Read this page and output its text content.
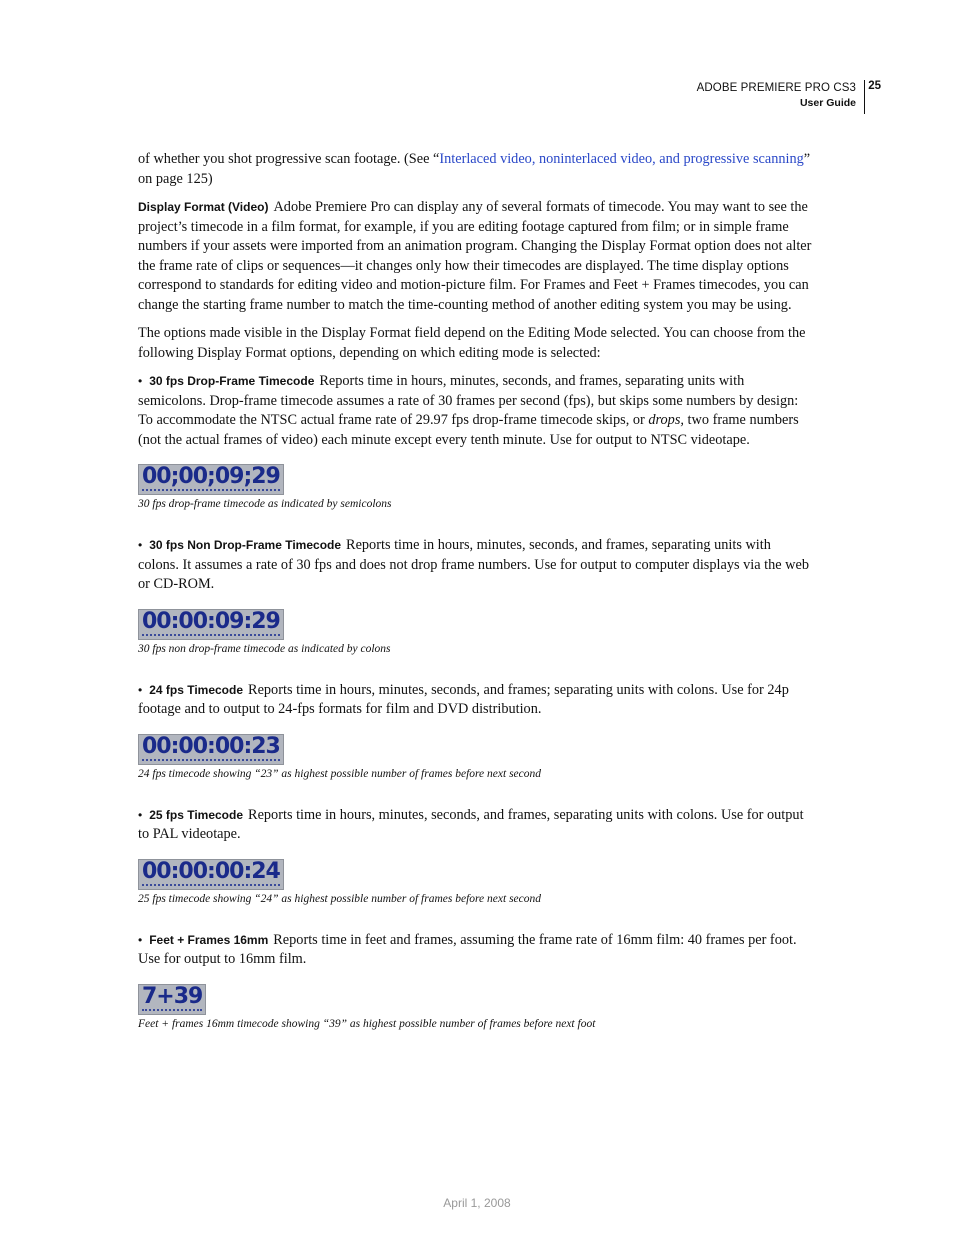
ADOBE PREMIERE PRO CS3
User Guide
25

of whether you shot progressive scan footage. (See “Interlaced video, noninterlaced video, and progressive scanning” on page 125)

Display Format (Video) Adobe Premiere Pro can display any of several formats of timecode. You may want to see the project’s timecode in a film format, for example, if you are editing footage captured from film; or in simple frame numbers if your assets were imported from an animation program. Changing the Display Format option does not alter the frame rate of clips or sequences—it changes only how their timecodes are displayed. The time display options correspond to standards for editing video and motion-picture film. For Frames and Feet + Frames timecodes, you can change the starting frame number to match the time-counting method of another editing system you may be using.

The options made visible in the Display Format field depend on the Editing Mode selected. You can choose from the following Display Format options, depending on which editing mode is selected:

• 30 fps Drop-Frame Timecode Reports time in hours, minutes, seconds, and frames, separating units with semicolons. Drop-frame timecode assumes a rate of 30 frames per second (fps), but skips some numbers by design: To accommodate the NTSC actual frame rate of 29.97 fps drop-frame timecode skips, or drops, two frame numbers (not the actual frames of video) each minute except every tenth minute. Use for output to NTSC videotape.

00;00;09;29
30 fps drop-frame timecode as indicated by semicolons

• 30 fps Non Drop-Frame Timecode Reports time in hours, minutes, seconds, and frames, separating units with colons. It assumes a rate of 30 fps and does not drop frame numbers. Use for output to computer displays via the web or CD-ROM.

00:00:09:29
30 fps non drop-frame timecode as indicated by colons

• 24 fps Timecode Reports time in hours, minutes, seconds, and frames; separating units with colons. Use for 24p footage and to output to 24-fps formats for film and DVD distribution.

00:00:00:23
24 fps timecode showing “23” as highest possible number of frames before next second

• 25 fps Timecode Reports time in hours, minutes, seconds, and frames, separating units with colons. Use for output to PAL videotape.

00:00:00:24
25 fps timecode showing “24” as highest possible number of frames before next second

• Feet + Frames 16mm Reports time in feet and frames, assuming the frame rate of 16mm film: 40 frames per foot. Use for output to 16mm film.

7+39
Feet + frames 16mm timecode showing “39” as highest possible number of frames before next foot
April 1, 2008
